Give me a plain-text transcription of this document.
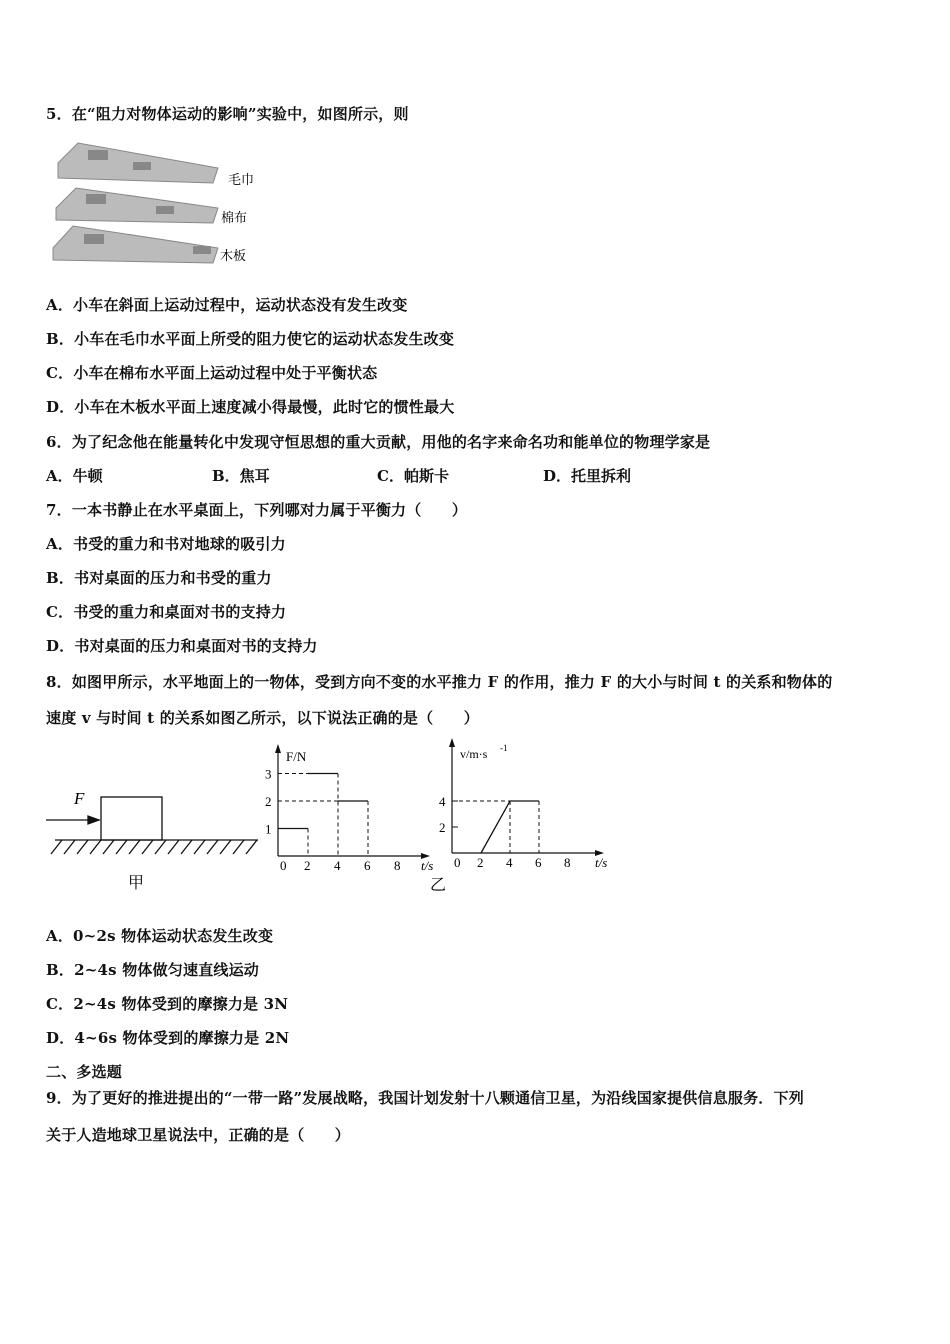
5．在“阻力对物体运动的影响”实验中，如图所示，则
毛巾
棉布
木板
A．小车在斜面上运动过程中，运动状态没有发生改变
B．小车在毛巾水平面上所受的阻力使它的运动状态发生改变
C．小车在棉布水平面上运动过程中处于平衡状态
D．小车在木板水平面上速度减小得最慢，此时它的惯性最大
6．为了纪念他在能量转化中发现守恒思想的重大贡献，用他的名字来命名功和能单位的物理学家是
A．牛顿	B．焦耳	C．帕斯卡	D．托里拆利
7．一本书静止在水平桌面上，下列哪对力属于平衡力（　　）
A．书受的重力和书对地球的吸引力
B．书对桌面的压力和书受的重力
C．书受的重力和桌面对书的支持力
D．书对桌面的压力和桌面对书的支持力
8．如图甲所示，水平地面上的一物体，受到方向不变的水平推力 F 的作用，推力 F 的大小与时间 t 的关系和物体的
速度 v 与时间 t 的关系如图乙所示，以下说法正确的是（　　）
F
甲	乙
0 2 4 6 8 t/s
1
2
3
F/N
0 2 4 6 8 t/s
2
4
v/m·s -1
A．0~2s 物体运动状态发生改变
B．2~4s 物体做匀速直线运动
C．2~4s 物体受到的摩擦力是 3N
D．4~6s 物体受到的摩擦力是 2N
二、多选题
9．为了更好的推进提出的“一带一路”发展战略，我国计划发射十八颗通信卫星，为沿线国家提供信息服务．下列
关于人造地球卫星说法中，正确的是（　　）
